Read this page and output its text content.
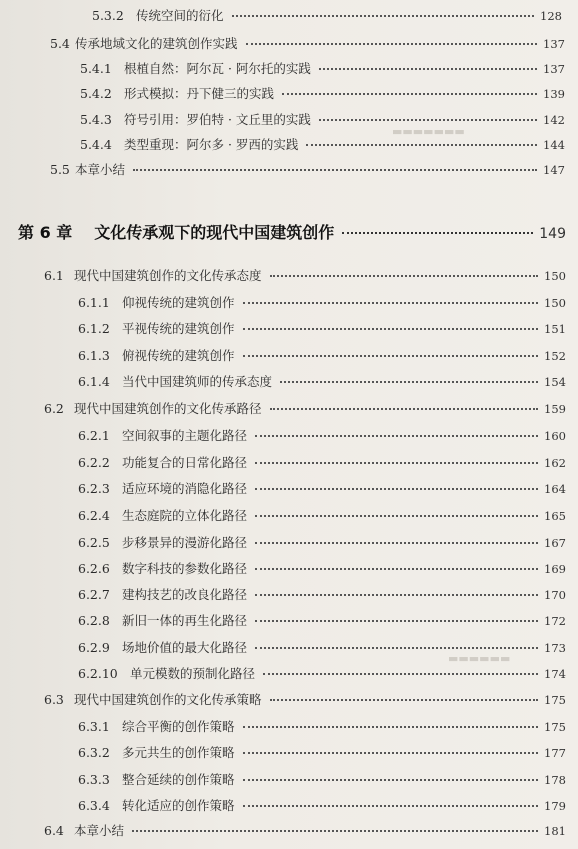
▬▬▬▬▬▬▬
▬▬▬▬▬▬
5.3.2 传统空间的衍化	128
5.4 传承地域文化的建筑创作实践	137
5.4.1 根植自然：阿尔瓦 · 阿尔托的实践	137
5.4.2 形式模拟：丹下健三的实践	139
5.4.3 符号引用：罗伯特 · 文丘里的实践	142
5.4.4 类型重现：阿尔多 · 罗西的实践	144
5.5 本章小结	147
第 6 章 文化传承观下的现代中国建筑创作	149
6.1 现代中国建筑创作的文化传承态度	150
6.1.1 仰视传统的建筑创作	150
6.1.2 平视传统的建筑创作	151
6.1.3 俯视传统的建筑创作	152
6.1.4 当代中国建筑师的传承态度	154
6.2 现代中国建筑创作的文化传承路径	159
6.2.1 空间叙事的主题化路径	160
6.2.2 功能复合的日常化路径	162
6.2.3 适应环境的消隐化路径	164
6.2.4 生态庭院的立体化路径	165
6.2.5 步移景异的漫游化路径	167
6.2.6 数字科技的参数化路径	169
6.2.7 建构技艺的改良化路径	170
6.2.8 新旧一体的再生化路径	172
6.2.9 场地价值的最大化路径	173
6.2.10 单元模数的预制化路径	174
6.3 现代中国建筑创作的文化传承策略	175
6.3.1 综合平衡的创作策略	175
6.3.2 多元共生的创作策略	177
6.3.3 整合延续的创作策略	178
6.3.4 转化适应的创作策略	179
6.4 本章小结	181
